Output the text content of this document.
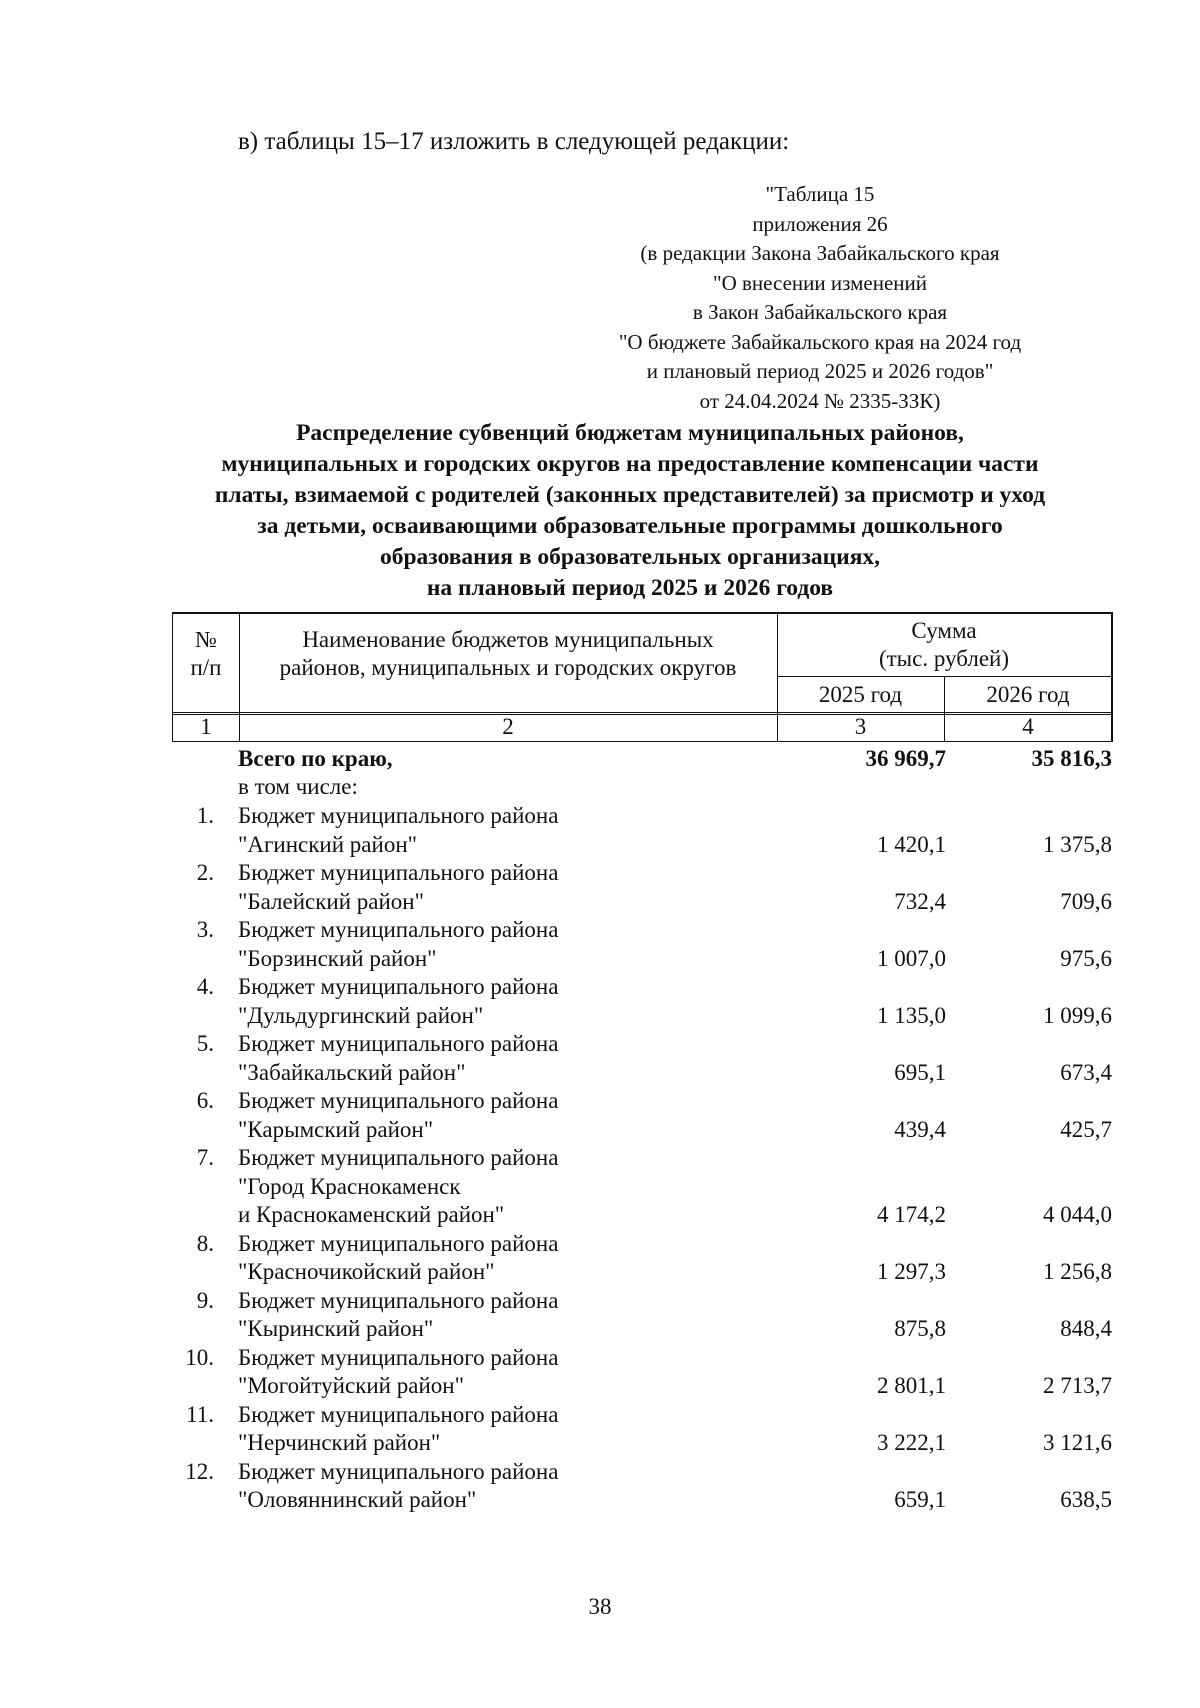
в) таблицы 15–17 изложить в следующей редакции:
"Таблица 15
приложения 26
(в редакции Закона Забайкальского края
"О внесении изменений
в Закон Забайкальского края
"О бюджете Забайкальского края на 2024 год
и плановый период 2025 и 2026 годов"
от 24.04.2024 № 2335-ЗЗК)
Распределение субвенций бюджетам муниципальных районов,
муниципальных и городских округов на предоставление компенсации части
платы, взимаемой с родителей (законных представителей) за присмотр и уход
за детьми, осваивающими образовательные программы дошкольного
образования в образовательных организациях,
на плановый период 2025 и 2026 годов
№
п/п
Наименование бюджетов муниципальных
районов, муниципальных и городских округов
Сумма
(тыс. рублей)
2025 год	2026 год
1	2	3	4
Всего по краю,	36 969,7	35 816,3
в том числе:
1. Бюджет муниципального района
"Агинский район"	1 420,1	1 375,8
2. Бюджет муниципального района
"Балейский район"	732,4	709,6
3. Бюджет муниципального района
"Борзинский район"	1 007,0	975,6
4. Бюджет муниципального района
"Дульдургинский район"	1 135,0	1 099,6
5. Бюджет муниципального района
"Забайкальский район"	695,1	673,4
6. Бюджет муниципального района
"Карымский район"	439,4	425,7
7. Бюджет муниципального района
"Город Краснокаменск
и Краснокаменский район"	4 174,2	4 044,0
8. Бюджет муниципального района
"Красночикойский район"	1 297,3	1 256,8
9. Бюджет муниципального района
"Кыринский район"	875,8	848,4
10. Бюджет муниципального района
"Могойтуйский район"	2 801,1	2 713,7
11. Бюджет муниципального района
"Нерчинский район"	3 222,1	3 121,6
12. Бюджет муниципального района
"Оловяннинский район"	659,1	638,5
38
